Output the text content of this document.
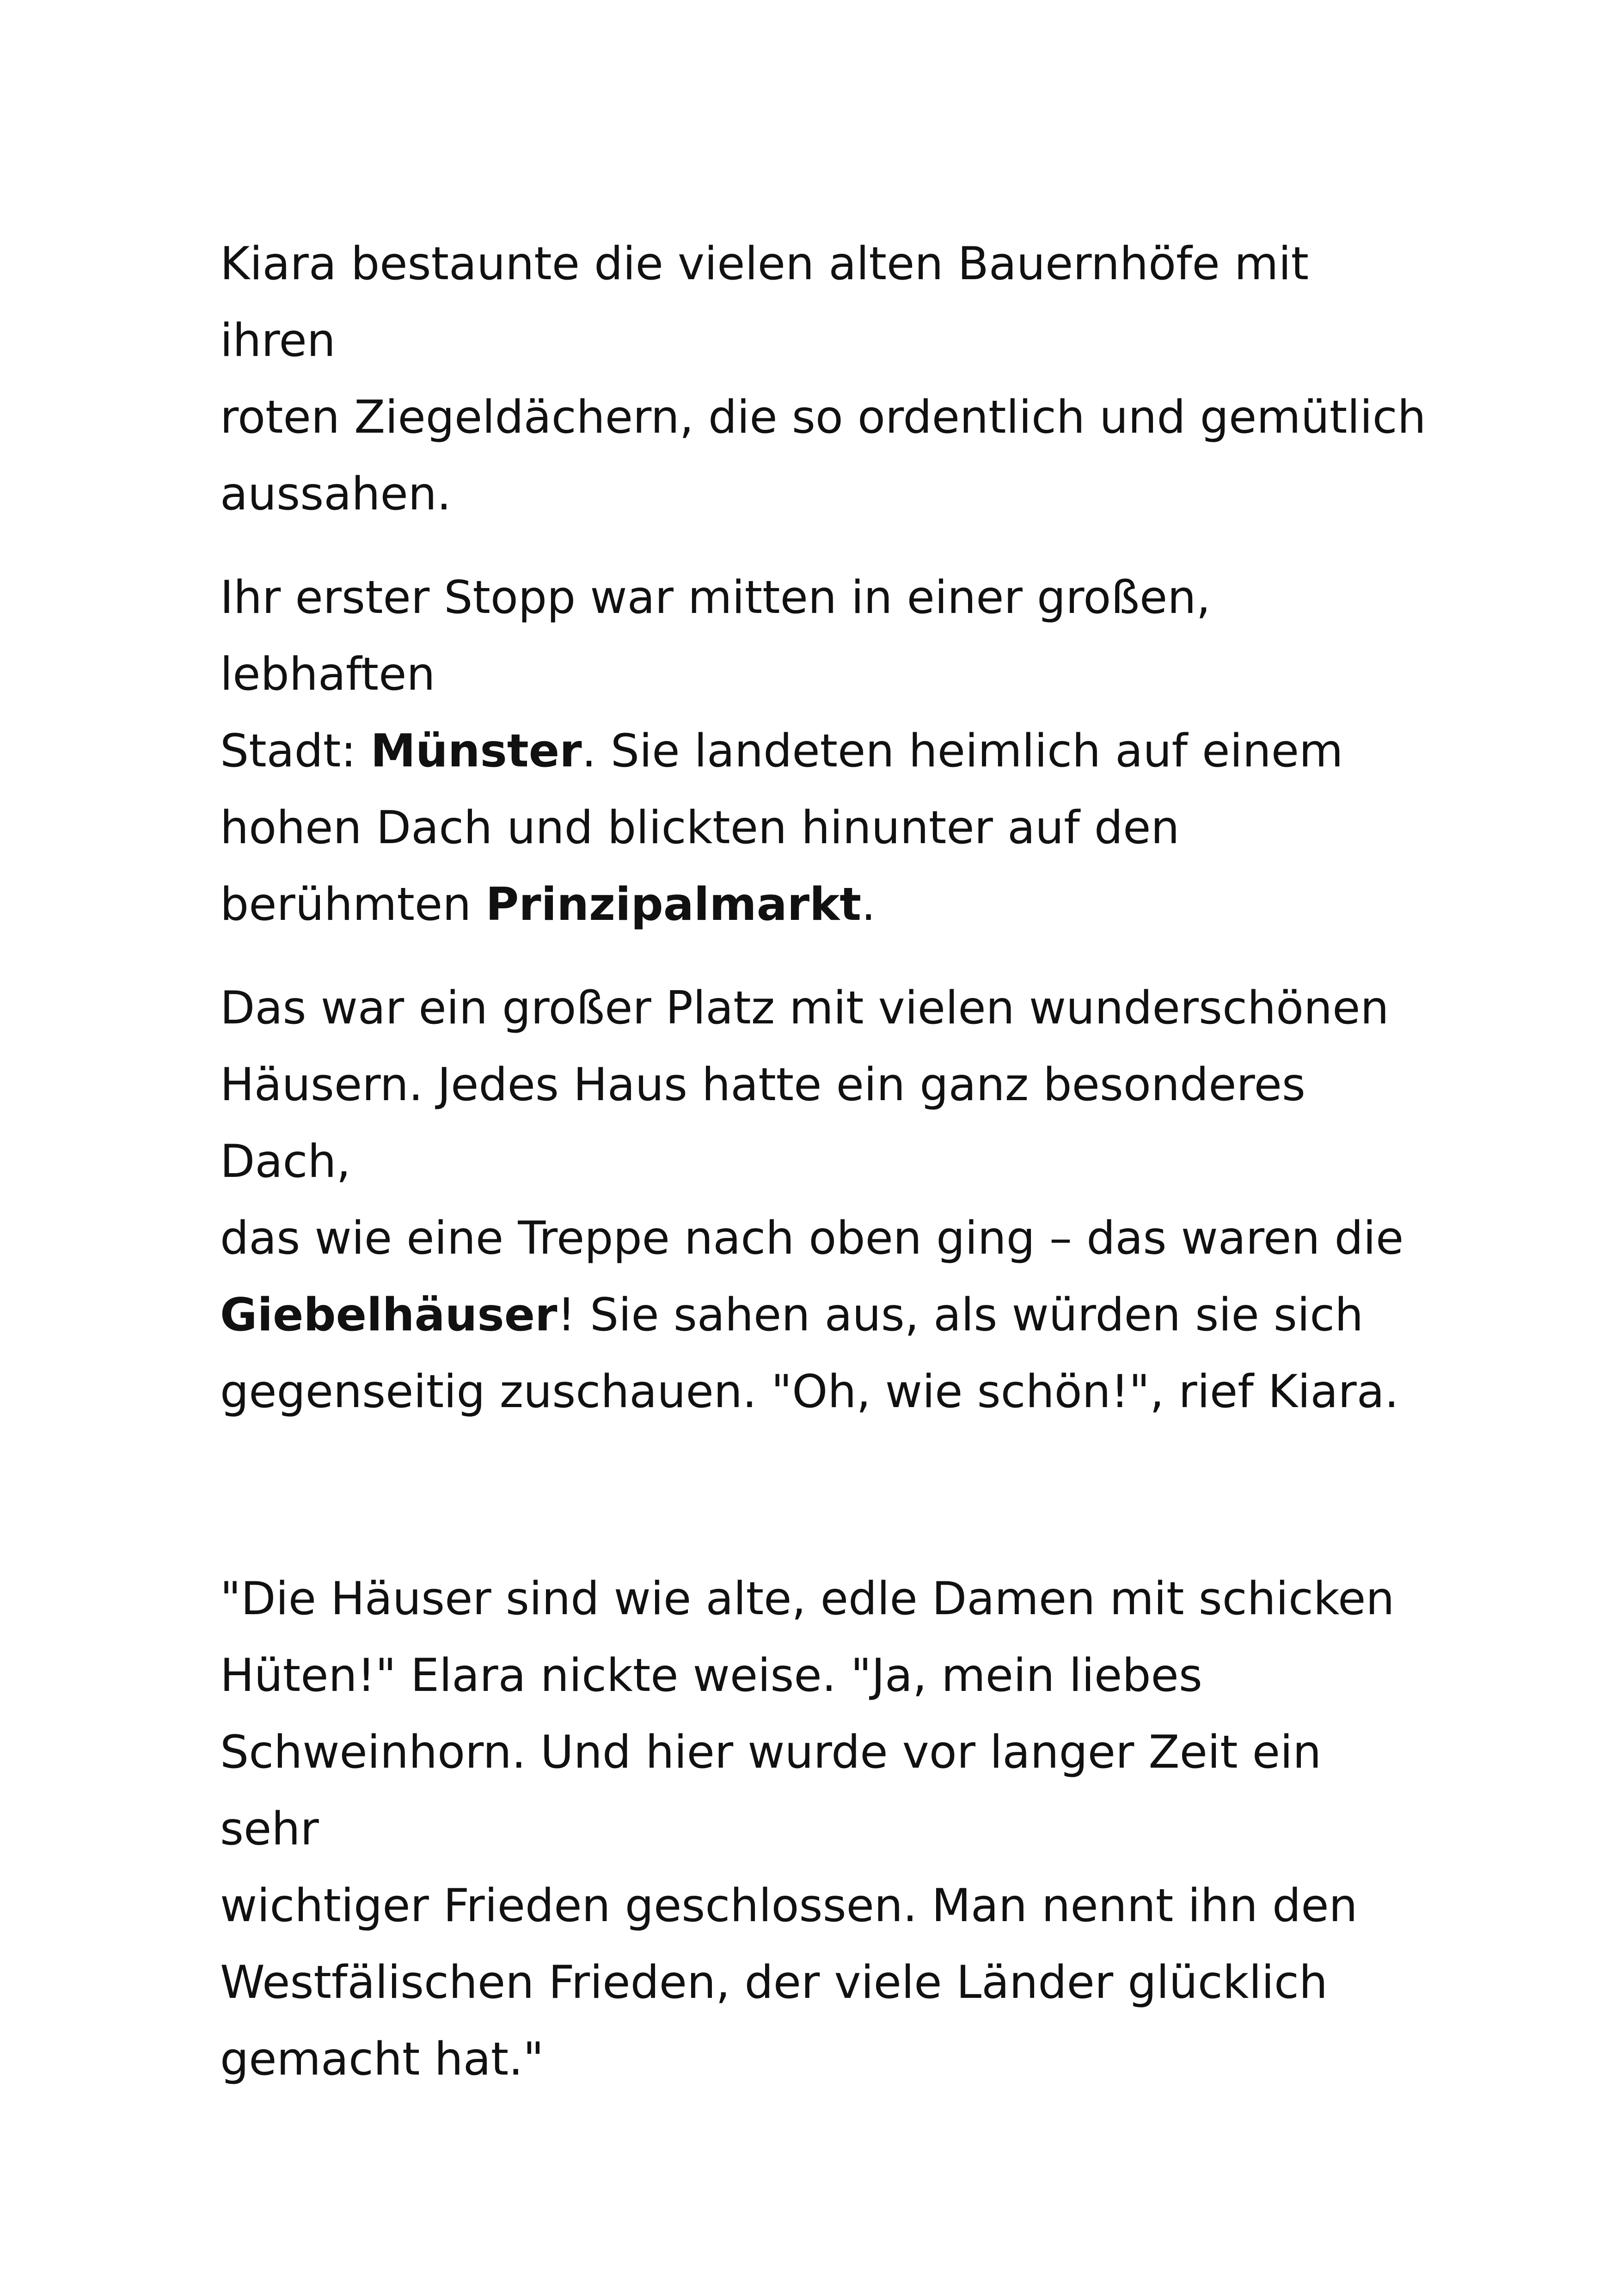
Kiara bestaunte die vielen alten Bauernhöfe mit ihren
roten Ziegeldächern, die so ordentlich und gemütlich
aussahen.

Ihr erster Stopp war mitten in einer großen, lebhaften
Stadt: Münster. Sie landeten heimlich auf einem
hohen Dach und blickten hinunter auf den
berühmten Prinzipalmarkt.

Das war ein großer Platz mit vielen wunderschönen
Häusern. Jedes Haus hatte ein ganz besonderes Dach,
das wie eine Treppe nach oben ging – das waren die
Giebelhäuser! Sie sahen aus, als würden sie sich
gegenseitig zuschauen. "Oh, wie schön!", rief Kiara.

"Die Häuser sind wie alte, edle Damen mit schicken
Hüten!" Elara nickte weise. "Ja, mein liebes
Schweinhorn. Und hier wurde vor langer Zeit ein sehr
wichtiger Frieden geschlossen. Man nennt ihn den
Westfälischen Frieden, der viele Länder glücklich
gemacht hat."
